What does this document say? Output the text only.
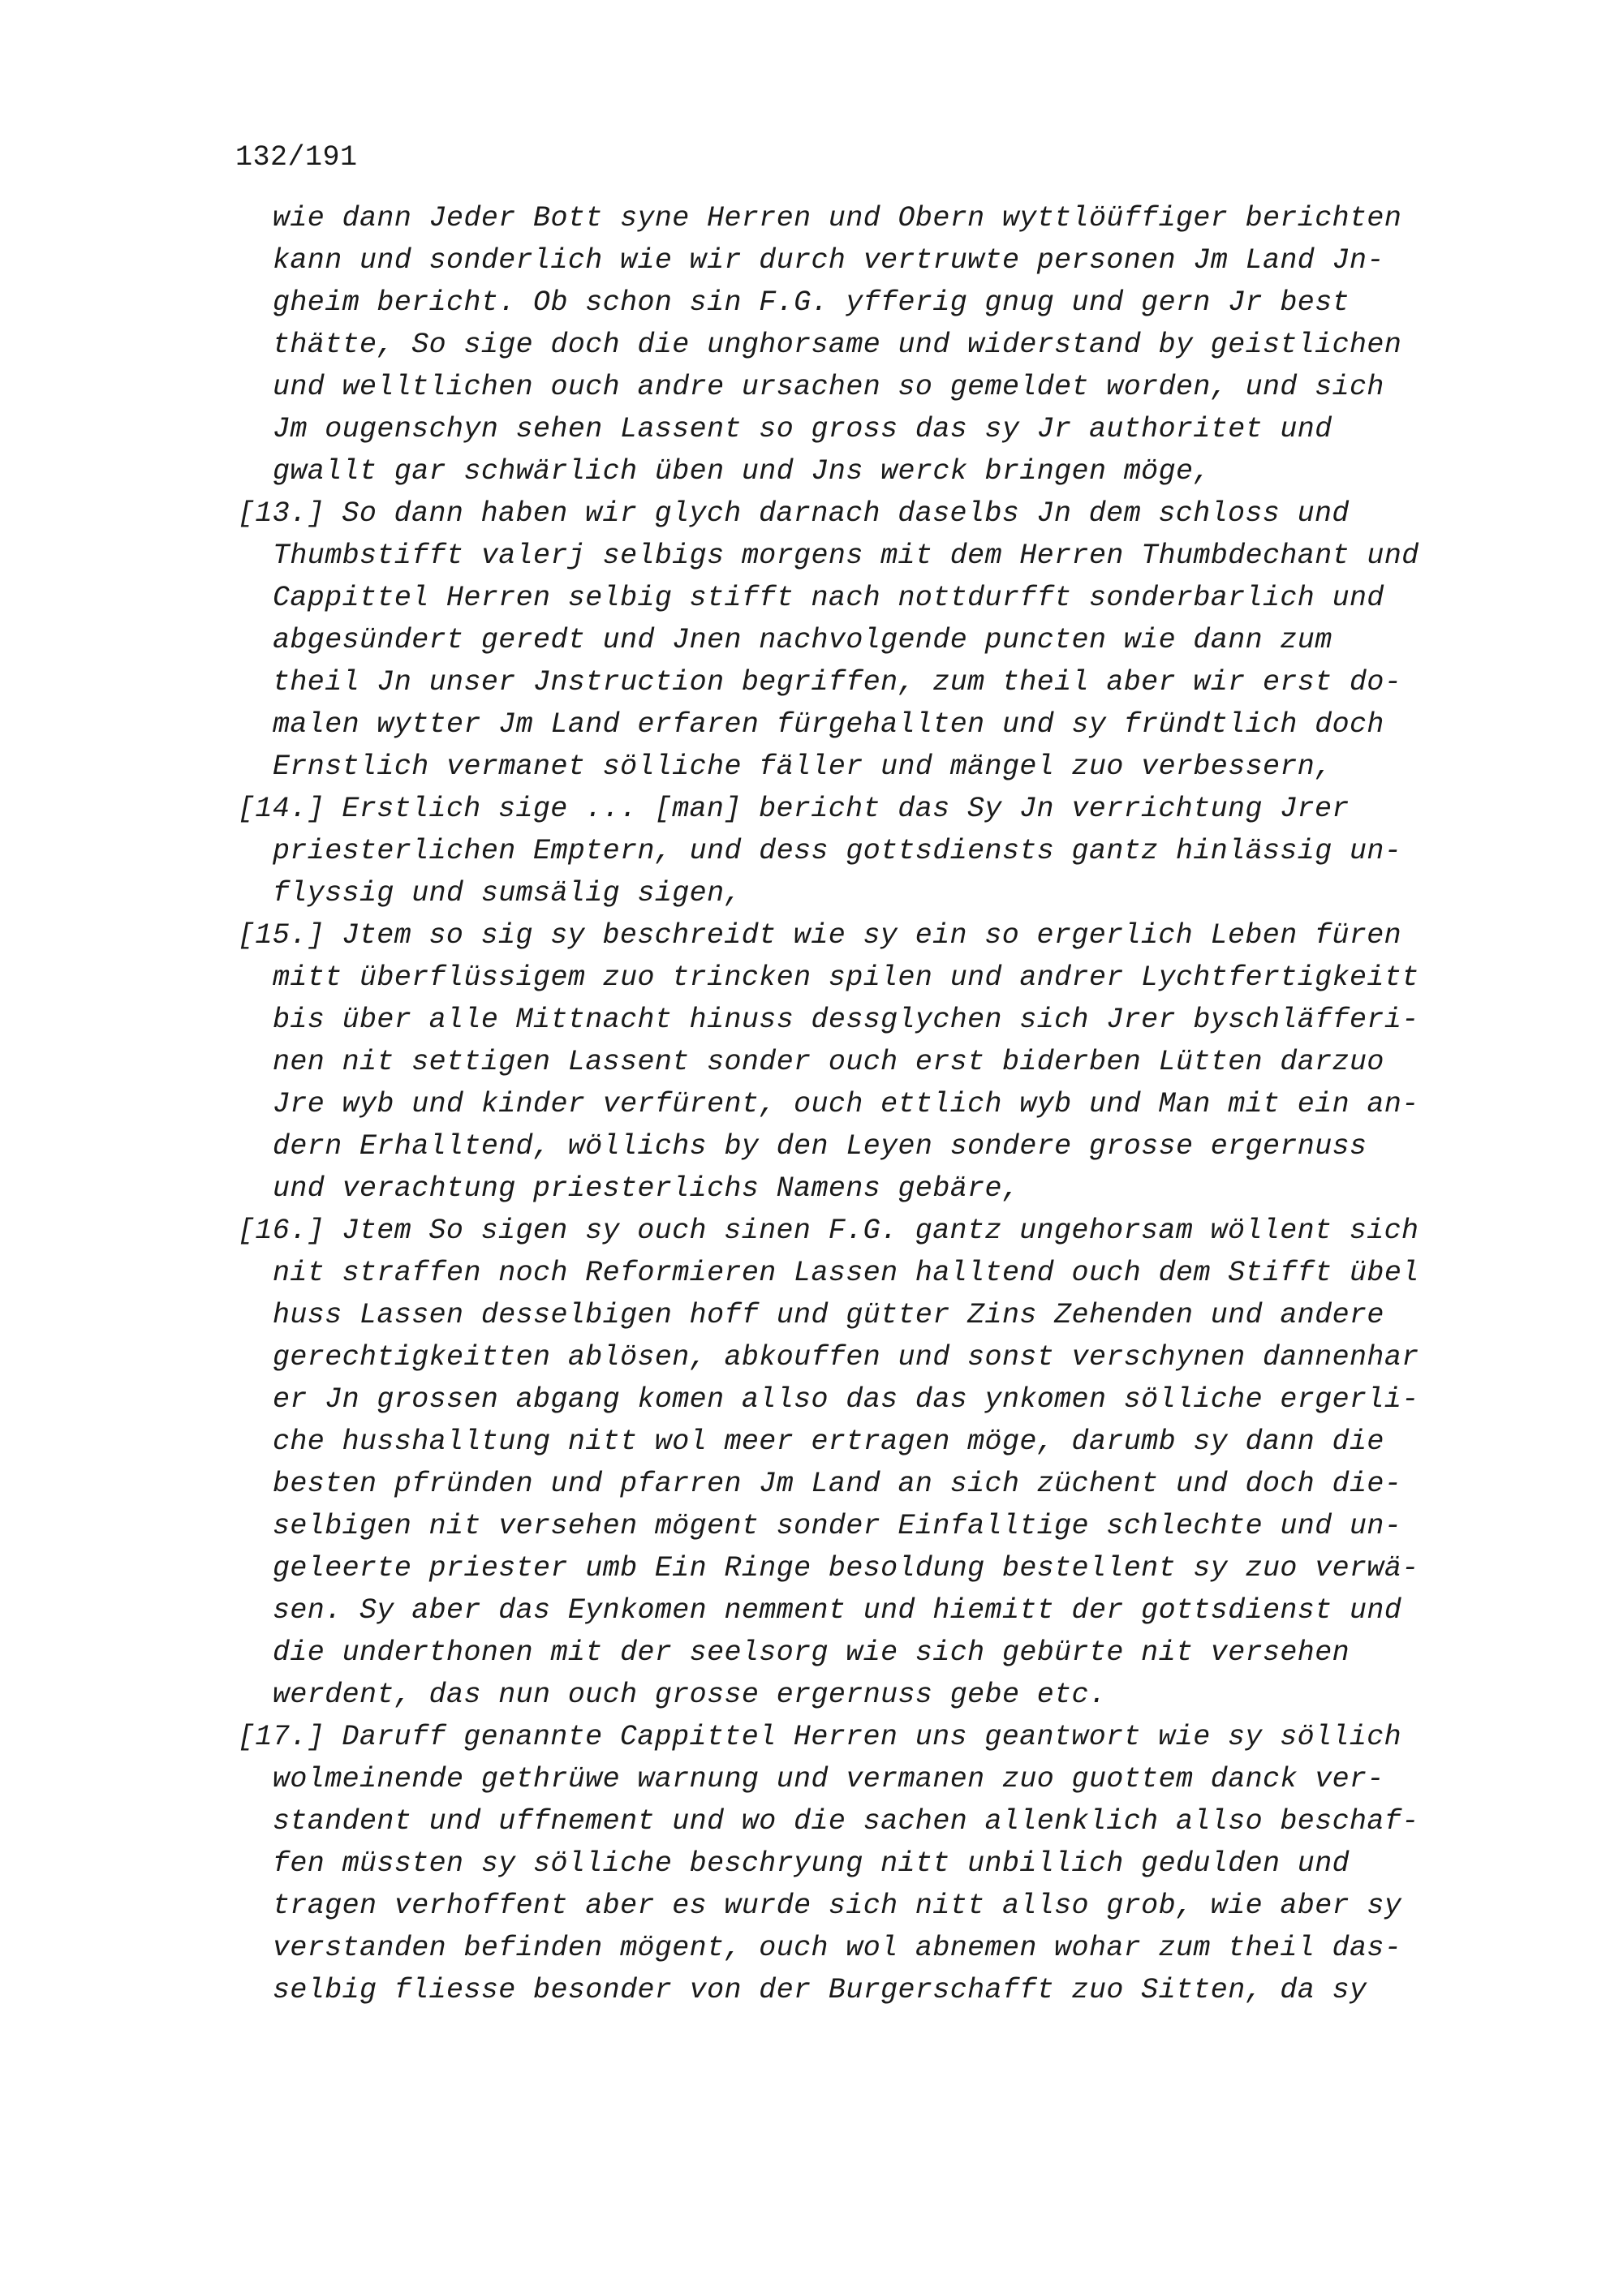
132/191
wie dann Jeder Bott syne Herren und Obern wyttlöüffiger berichten
kann und sonderlich wie wir durch vertruwte personen Jm Land Jn-
gheim bericht. Ob schon sin F.G. yfferig gnug und gern Jr best
thätte, So sige doch die unghorsame und widerstand by geistlichen
und welltlichen ouch andre ursachen so gemeldet worden, und sich
Jm ougenschyn sehen Lassent so gross das sy Jr authoritet und
gwallt gar schwärlich üben und Jns werck bringen möge,
[13.] So dann haben wir glych darnach daselbs Jn dem schloss und
Thumbstifft valerj selbigs morgens mit dem Herren Thumbdechant und
Cappittel Herren selbig stifft nach nottdurfft sonderbarlich und
abgesündert geredt und Jnen nachvolgende puncten wie dann zum
theil Jn unser Jnstruction begriffen, zum theil aber wir erst do-
malen wytter Jm Land erfaren fürgehallten und sy fründtlich doch
Ernstlich vermanet sölliche fäller und mängel zuo verbessern,
[14.] Erstlich sige ... [man] bericht das Sy Jn verrichtung Jrer
priesterlichen Emptern, und dess gottsdiensts gantz hinlässig un-
flyssig und sumsälig sigen,
[15.] Jtem so sig sy beschreidt wie sy ein so ergerlich Leben füren
mitt überflüssigem zuo trincken spilen und andrer Lychtfertigkeitt
bis über alle Mittnacht hinuss dessglychen sich Jrer byschläfferi-
nen nit settigen Lassent sonder ouch erst biderben Lütten darzuo
Jre wyb und kinder verfürent, ouch ettlich wyb und Man mit ein an-
dern Erhalltend, wöllichs by den Leyen sondere grosse ergernuss
und verachtung priesterlichs Namens gebäre,
[16.] Jtem So sigen sy ouch sinen F.G. gantz ungehorsam wöllent sich
nit straffen noch Reformieren Lassen halltend ouch dem Stifft übel
huss Lassen desselbigen hoff und gütter Zins Zehenden und andere
gerechtigkeitten ablösen, abkouffen und sonst verschynen dannenhar
er Jn grossen abgang komen allso das das ynkomen sölliche ergerli-
che husshalltung nitt wol meer ertragen möge, darumb sy dann die
besten pfründen und pfarren Jm Land an sich züchent und doch die-
selbigen nit versehen mögent sonder Einfalltige schlechte und un-
geleerte priester umb Ein Ringe besoldung bestellent sy zuo verwä-
sen. Sy aber das Eynkomen nemment und hiemitt der gottsdienst und
die underthonen mit der seelsorg wie sich gebürte nit versehen
werdent, das nun ouch grosse ergernuss gebe etc.
[17.] Daruff genannte Cappittel Herren uns geantwort wie sy söllich
wolmeinende gethrüwe warnung und vermanen zuo guottem danck ver-
standent und uffnement und wo die sachen allenklich allso beschaf-
fen müssten sy sölliche beschryung nitt unbillich gedulden und
tragen verhoffent aber es wurde sich nitt allso grob, wie aber sy
verstanden befinden mögent, ouch wol abnemen wohar zum theil das-
selbig fliesse besonder von der Burgerschafft zuo Sitten, da sy
